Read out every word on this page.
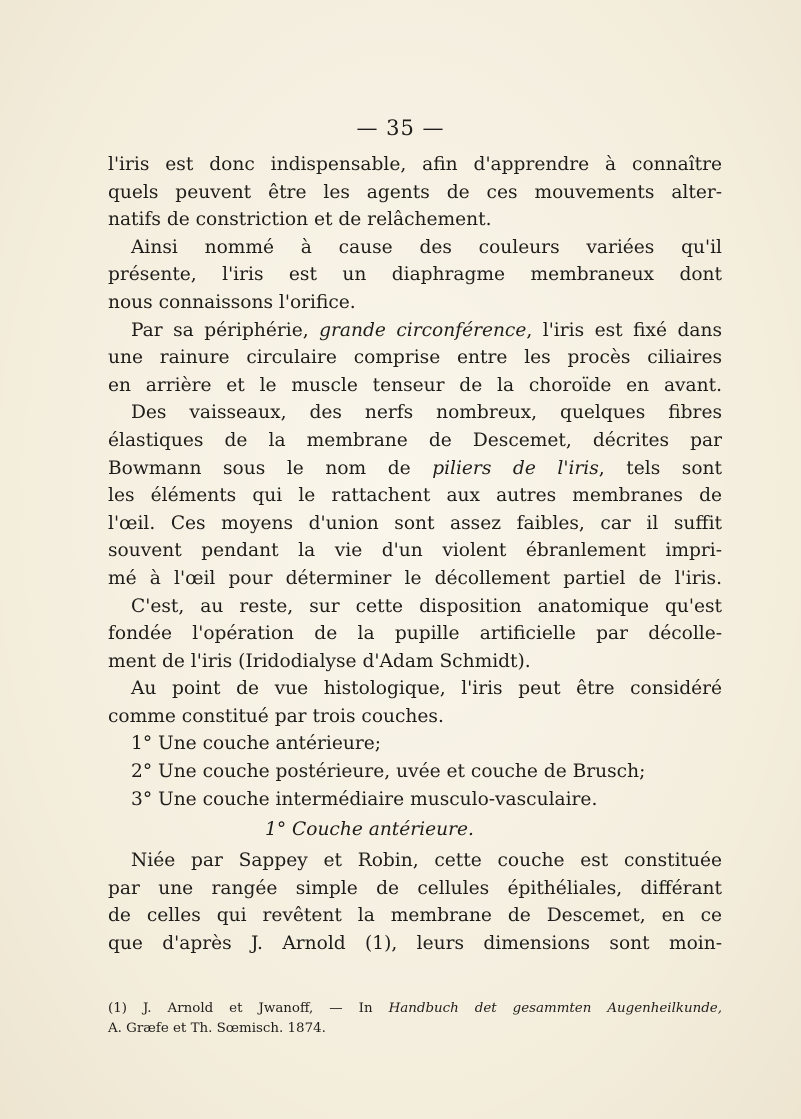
— 35 —
l'iris est donc indispensable, afin d'apprendre à connaître
quels peuvent être les agents de ces mouvements alter-
natifs de constriction et de relâchement.
Ainsi nommé à cause des couleurs variées qu'il
présente, l'iris est un diaphragme membraneux dont
nous connaissons l'orifice.
Par sa périphérie, grande circonférence, l'iris est fixé dans
une rainure circulaire comprise entre les procès ciliaires
en arrière et le muscle tenseur de la choroïde en avant.
Des vaisseaux, des nerfs nombreux, quelques fibres
élastiques de la membrane de Descemet, décrites par
Bowmann sous le nom de piliers de l'iris, tels sont
les éléments qui le rattachent aux autres membranes de
l'œil. Ces moyens d'union sont assez faibles, car il suffit
souvent pendant la vie d'un violent ébranlement impri-
mé à l'œil pour déterminer le décollement partiel de l'iris.
C'est, au reste, sur cette disposition anatomique qu'est
fondée l'opération de la pupille artificielle par décolle-
ment de l'iris (Iridodialyse d'Adam Schmidt).
Au point de vue histologique, l'iris peut être considéré
comme constitué par trois couches.
1° Une couche antérieure;
2° Une couche postérieure, uvée et couche de Brusch;
3° Une couche intermédiaire musculo-vasculaire.
1° Couche antérieure.
Niée par Sappey et Robin, cette couche est constituée
par une rangée simple de cellules épithéliales, différant
de celles qui revêtent la membrane de Descemet, en ce
que d'après J. Arnold (1), leurs dimensions sont moin-
(1) J. Arnold et Jwanoff, — In Handbuch det gesammten Augenheilkunde,
A. Græfe et Th. Sœmisch. 1874.
